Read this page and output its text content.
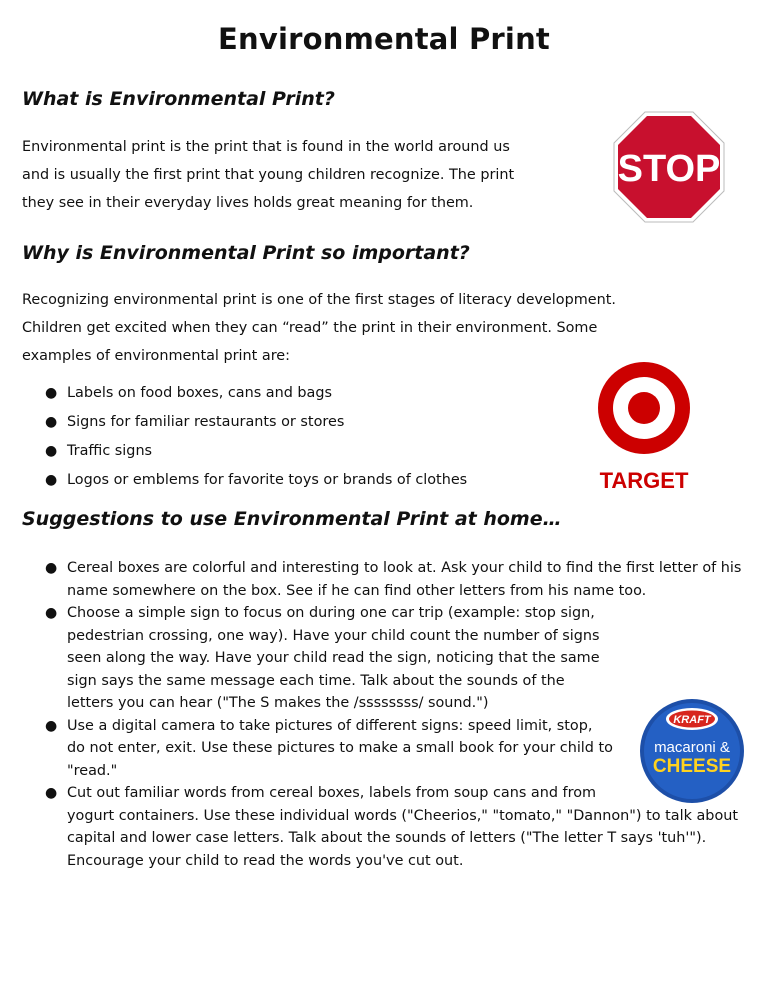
Environmental Print
What is Environmental Print?

Environmental print is the print that is found in the world around us
and is usually the first print that young children recognize. The print
they see in their everyday lives holds great meaning for them.

STOP
Why is Environmental Print so important?

Recognizing environmental print is one of the first stages of literacy development.
Children get excited when they can “read” the print in their environment. Some
examples of environmental print are:

● Labels on food boxes, cans and bags
● Signs for familiar restaurants or stores
● Traffic signs
● Logos or emblems for favorite toys or brands of clothes	TARGET
Suggestions to use Environmental Print at home…
● Cereal boxes are colorful and interesting to look at. Ask your child to find the first letter of his name somewhere on the box. See if he can find other letters from his name too.
● Choose a simple sign to focus on during one car trip (example: stop sign, pedestrian crossing, one way). Have your child count the number of signs seen along the way. Have your child read the sign, noticing that the same sign says the same message each time. Talk about the sounds of the letters you can hear ("The S makes the /ssssssss/ sound.")
● Use a digital camera to take pictures of different signs: speed limit, stop, do not enter, exit. Use these pictures to make a small book for your child to "read."
● Cut out familiar words from cereal boxes, labels from soup cans and from yogurt containers. Use these individual words ("Cheerios," "tomato," "Dannon") to talk about capital and lower case letters. Talk about the sounds of letters ("The letter T says 'tuh'"). Encourage your child to read the words you've cut out.
KRAFT
macaroni &
CHEESE
